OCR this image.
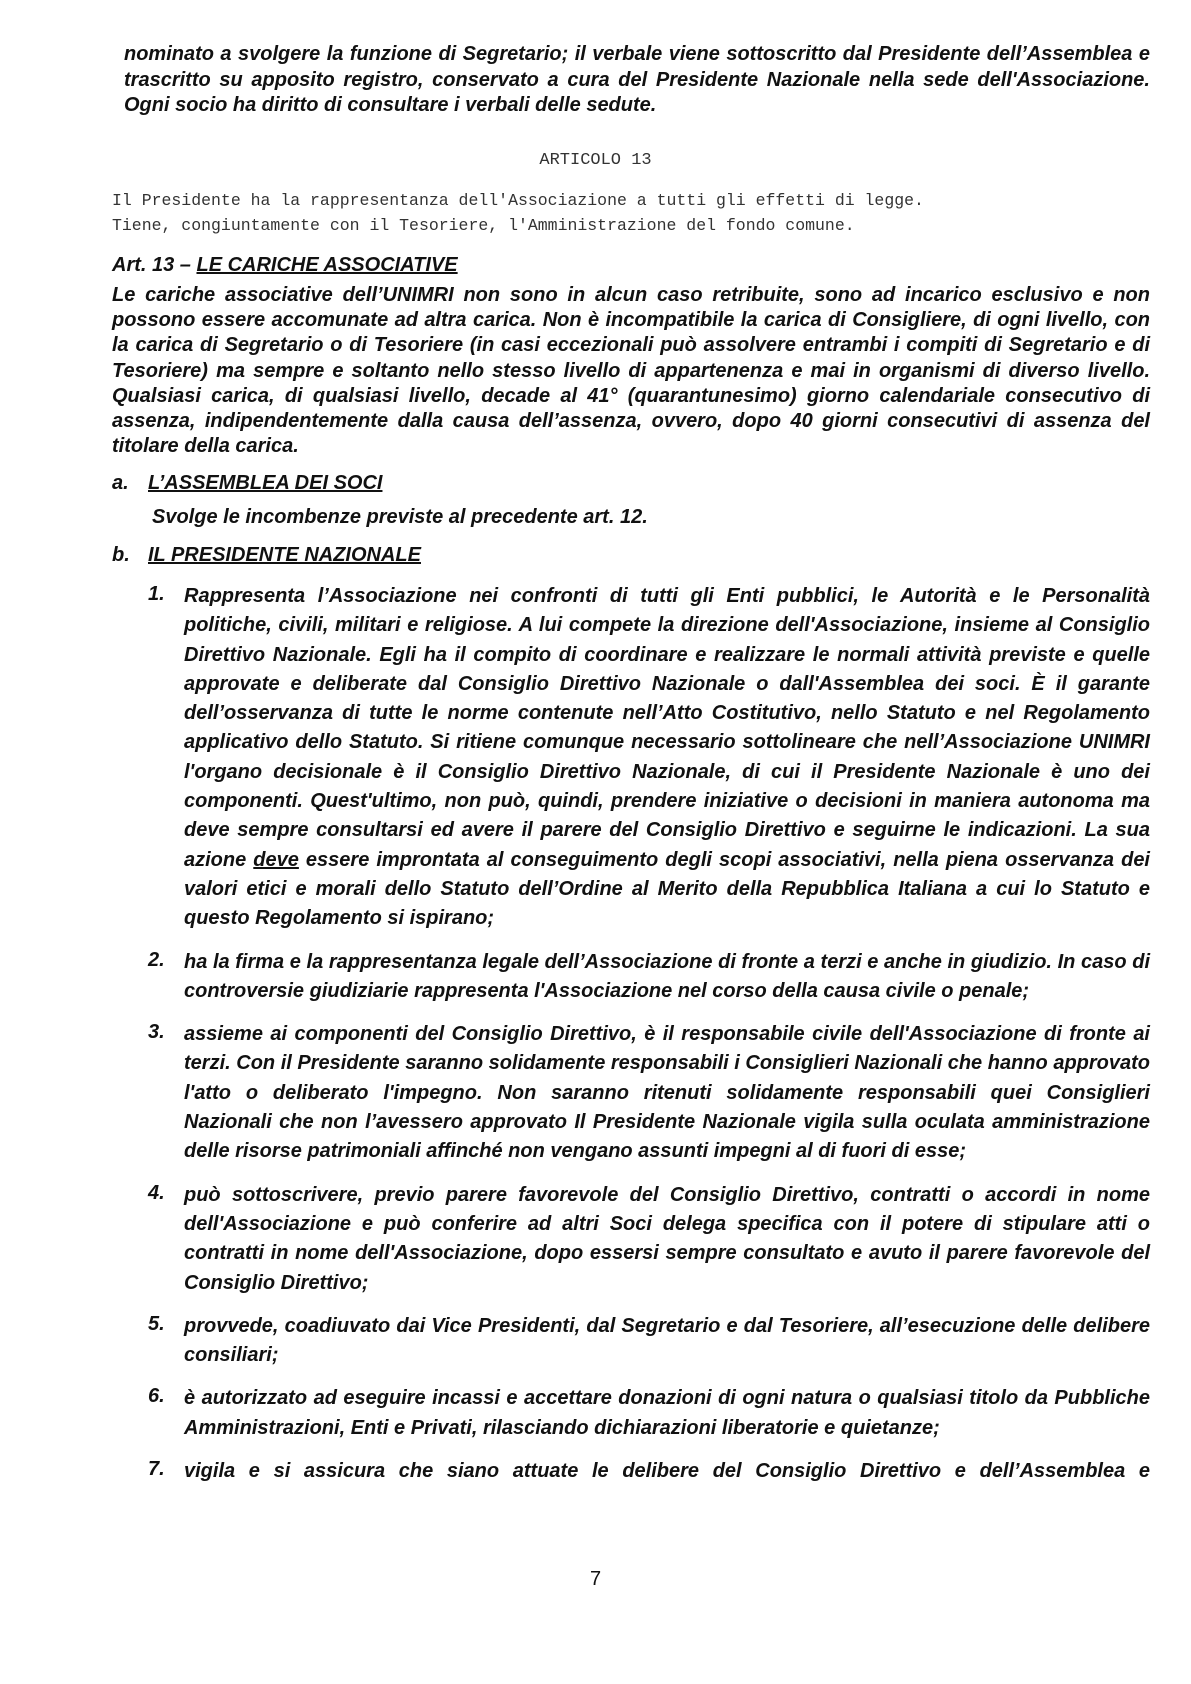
nominato a svolgere la funzione di Segretario; il verbale viene sottoscritto dal Presidente dell’Assemblea e trascritto su apposito registro, conservato a cura del Presidente Nazionale nella sede dell'Associazione. Ogni socio ha diritto di consultare i verbali delle sedute.
ARTICOLO 13
Il Presidente ha la rappresentanza dell'Associazione a tutti gli effetti di legge.
Tiene, congiuntamente con il Tesoriere, l'Amministrazione del fondo comune.
Art. 13 – LE CARICHE ASSOCIATIVE
Le cariche associative dell’UNIMRI non sono in alcun caso retribuite, sono ad incarico esclusivo e non possono essere accomunate ad altra carica. Non è incompatibile la carica di Consigliere, di ogni livello, con la carica di Segretario o di Tesoriere (in casi eccezionali può assolvere entrambi i compiti di Segretario e di Tesoriere) ma sempre e soltanto nello stesso livello di appartenenza e mai in organismi di diverso livello. Qualsiasi carica, di qualsiasi livello, decade al 41° (quarantunesimo) giorno calendariale consecutivo di assenza, indipendentemente dalla causa dell’assenza, ovvero, dopo 40 giorni consecutivi di assenza del titolare della carica.
a. L’ASSEMBLEA DEI SOCI
Svolge le incombenze previste al precedente art. 12.
b. IL PRESIDENTE NAZIONALE
1. Rappresenta l’Associazione nei confronti di tutti gli Enti pubblici, le Autorità e le Personalità politiche, civili, militari e religiose. A lui compete la direzione dell'Associazione, insieme al Consiglio Direttivo Nazionale. Egli ha il compito di coordinare e realizzare le normali attività previste e quelle approvate e deliberate dal Consiglio Direttivo Nazionale o dall'Assemblea dei soci. È il garante dell’osservanza di tutte le norme contenute nell’Atto Costitutivo, nello Statuto e nel Regolamento applicativo dello Statuto. Si ritiene comunque necessario sottolineare che nell’Associazione UNIMRI l'organo decisionale è il Consiglio Direttivo Nazionale, di cui il Presidente Nazionale è uno dei componenti. Quest'ultimo, non può, quindi, prendere iniziative o decisioni in maniera autonoma ma deve sempre consultarsi ed avere il parere del Consiglio Direttivo e seguirne le indicazioni. La sua azione deve essere improntata al conseguimento degli scopi associativi, nella piena osservanza dei valori etici e morali dello Statuto dell’Ordine al Merito della Repubblica Italiana a cui lo Statuto e questo Regolamento si ispirano;
2. ha la firma e la rappresentanza legale dell’Associazione di fronte a terzi e anche in giudizio. In caso di controversie giudiziarie rappresenta l'Associazione nel corso della causa civile o penale;
3. assieme ai componenti del Consiglio Direttivo, è il responsabile civile dell'Associazione di fronte ai terzi. Con il Presidente saranno solidamente responsabili i Consiglieri Nazionali che hanno approvato l'atto o deliberato l'impegno. Non saranno ritenuti solidamente responsabili quei Consiglieri Nazionali che non l’avessero approvato Il Presidente Nazionale vigila sulla oculata amministrazione delle risorse patrimoniali affinché non vengano assunti impegni al di fuori di esse;
4. può sottoscrivere, previo parere favorevole del Consiglio Direttivo, contratti o accordi in nome dell'Associazione e può conferire ad altri Soci delega specifica con il potere di stipulare atti o contratti in nome dell'Associazione, dopo essersi sempre consultato e avuto il parere favorevole del Consiglio Direttivo;
5. provvede, coadiuvato dai Vice Presidenti, dal Segretario e dal Tesoriere, all’esecuzione delle delibere consiliari;
6. è autorizzato ad eseguire incassi e accettare donazioni di ogni natura o qualsiasi titolo da Pubbliche Amministrazioni, Enti e Privati, rilasciando dichiarazioni liberatorie e quietanze;
7. vigila e si assicura che siano attuate le delibere del Consiglio Direttivo e dell’Assemblea e
7
